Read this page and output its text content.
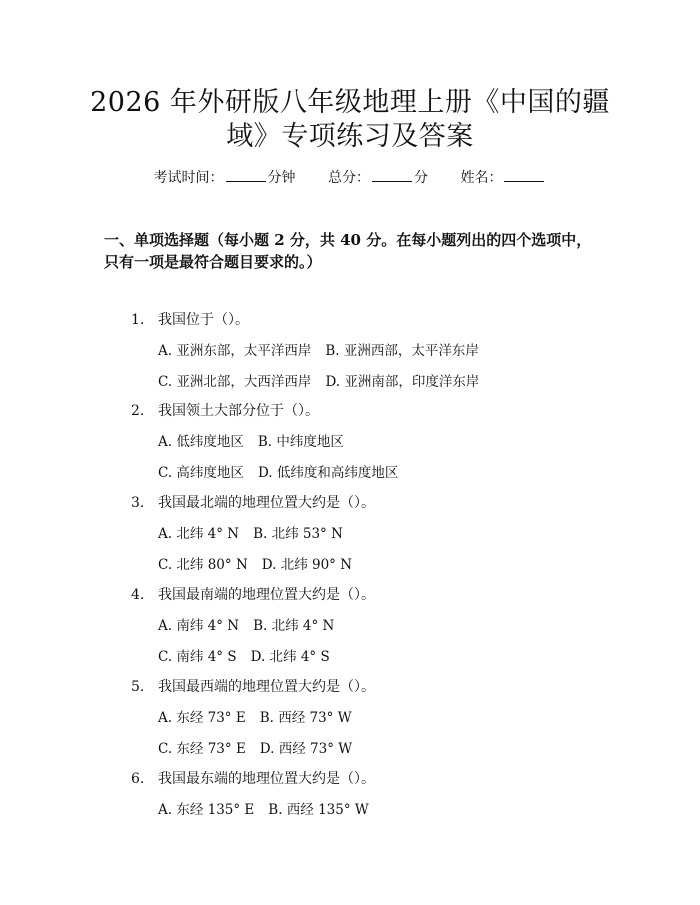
2026 年外研版八年级地理上册《中国的疆
域》专项练习及答案
考试时间：	分钟 总分：	分 姓名：
一、单项选择题（每小题 2 分，共 40 分。在每小题列出的四个选项中，只有一项是最符合题目要求的。）
1. 我国位于（）。
A. 亚洲东部，太平洋西岸 B. 亚洲西部，太平洋东岸
C. 亚洲北部，大西洋西岸 D. 亚洲南部，印度洋东岸
2. 我国领土大部分位于（）。
A. 低纬度地区 B. 中纬度地区
C. 高纬度地区 D. 低纬度和高纬度地区
3. 我国最北端的地理位置大约是（）。
A. 北纬 4° N B. 北纬 53° N
C. 北纬 80° N D. 北纬 90° N
4. 我国最南端的地理位置大约是（）。
A. 南纬 4° N B. 北纬 4° N
C. 南纬 4° S D. 北纬 4° S
5. 我国最西端的地理位置大约是（）。
A. 东经 73° E B. 西经 73° W
C. 东经 73° E D. 西经 73° W
6. 我国最东端的地理位置大约是（）。
A. 东经 135° E B. 西经 135° W
